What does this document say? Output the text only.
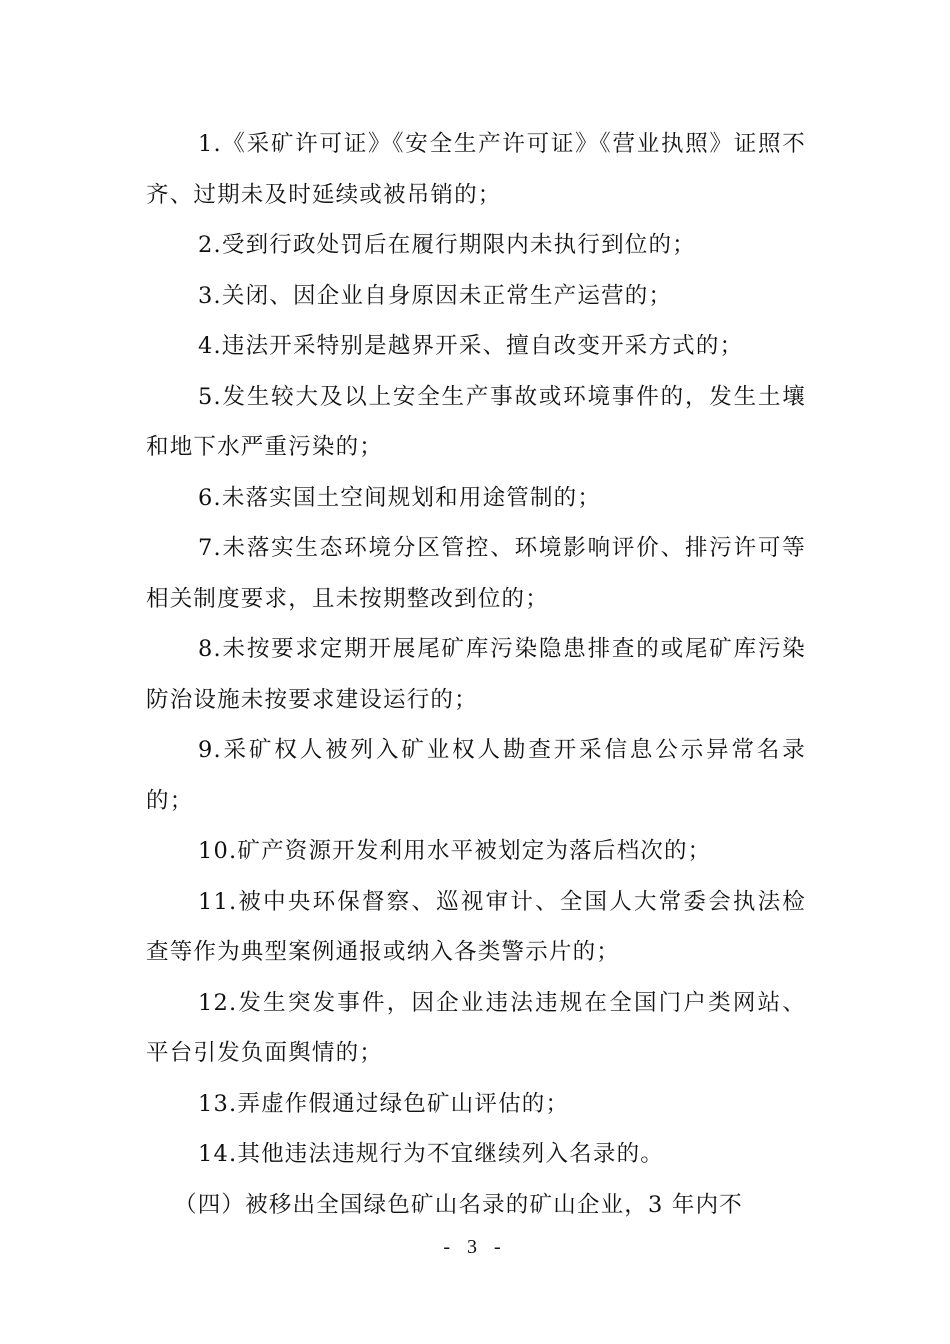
1.《采矿许可证》《安全生产许可证》《营业执照》证照不齐、过期未及时延续或被吊销的；

2.受到行政处罚后在履行期限内未执行到位的；

3.关闭、因企业自身原因未正常生产运营的；

4.违法开采特别是越界开采、擅自改变开采方式的；

5.发生较大及以上安全生产事故或环境事件的，发生土壤和地下水严重污染的；

6.未落实国土空间规划和用途管制的；

7.未落实生态环境分区管控、环境影响评价、排污许可等相关制度要求，且未按期整改到位的；

8.未按要求定期开展尾矿库污染隐患排查的或尾矿库污染防治设施未按要求建设运行的；

9.采矿权人被列入矿业权人勘查开采信息公示异常名录的；

10.矿产资源开发利用水平被划定为落后档次的；

11.被中央环保督察、巡视审计、全国人大常委会执法检查等作为典型案例通报或纳入各类警示片的；

12.发生突发事件，因企业违法违规在全国门户类网站、平台引发负面舆情的；

13.弄虚作假通过绿色矿山评估的；

14.其他违法违规行为不宜继续列入名录的。

（四）被移出全国绿色矿山名录的矿山企业，3 年内不

- 3 -
